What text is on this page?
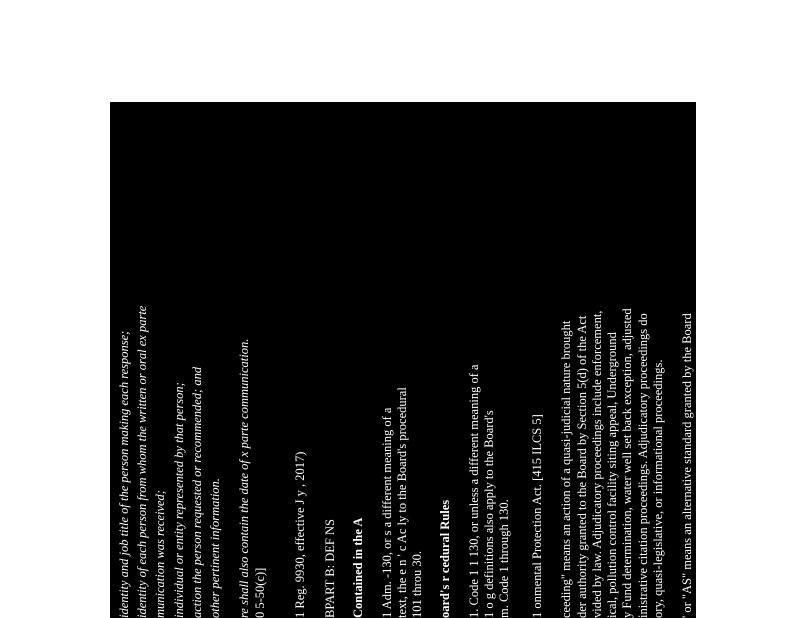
identity and job title of the person making each response; identity of each person from whom the written or oral ex parte munication was received; individual or entity represented by that person; action the person requested or recommended; and other pertinent information. re shall also contain the date of x parte communication. 0 5-50(c)] 1 Reg. 9930, effective J y , 2017) BPART B: DEF NS Contained in the A 1 Adm. -130, or s a different meaning of a text, the e n ' c Ac ly to the Board's procedural 101 throu 30. oard's r cedural Rules 1. Code 1 1 130, or unless a different meaning of a 1 o g definitions also apply to the Board's m. Code 1 through 130. 1 onmental Protection Act. [415 ILCS 5] ceeding" means an action of a quasi-judicial nature brought der authority granted to the Board by Section 5(d) of the Act vided by law. Adjudicatory proceedings include enforcement, ical, pollution control facility siting appeal, Underground y Fund determination, water well set back exception, adjusted inistrative citation proceedings. Adjudicatory proceedings do ory, quasi-legislative, or informational proceedings. ' or "AS" means an alternative standard granted by the Board roceeding under Section 28.1 of the Act and 35 Ill. Adm. D. The adjusted standard applies instead of the rule or al applicability. ation" or "AC" means a citation issued by the Agency or by a
